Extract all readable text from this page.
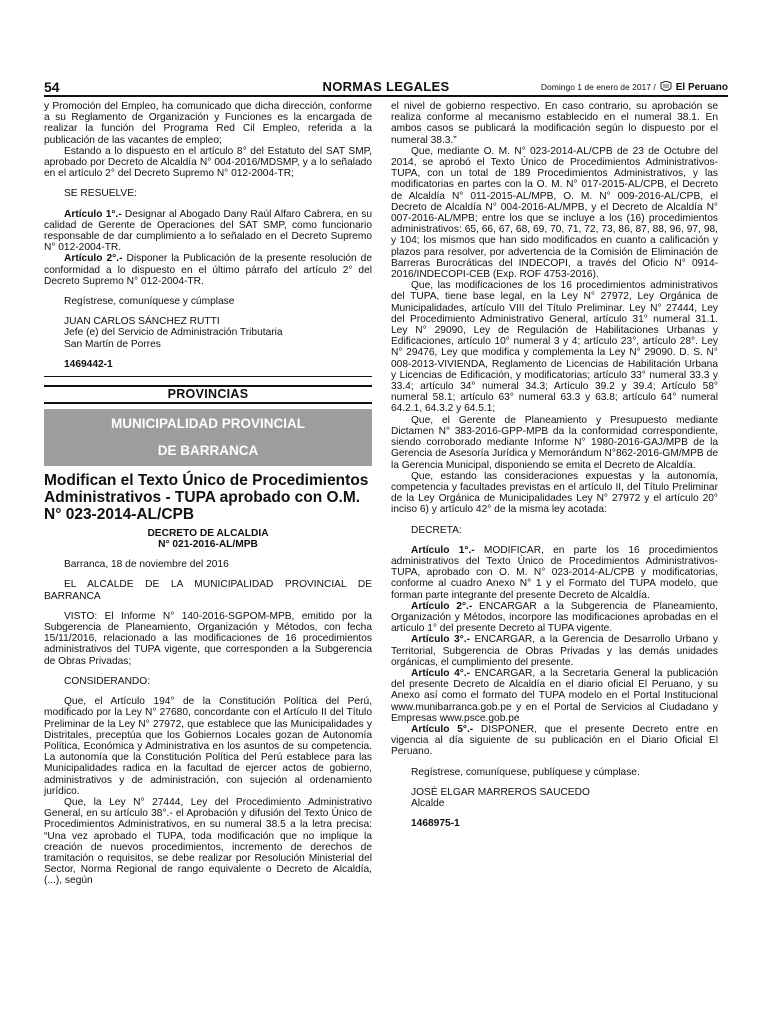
54	NORMAS LEGALES	Domingo 1 de enero de 2017 / El Peruano
y Promoción del Empleo, ha comunicado que dicha dirección, conforme a su Reglamento de Organización y Funciones es la encargada de realizar la función del Programa Red Cil Empleo, referida a la publicación de las vacantes de empleo;
Estando a lo dispuesto en el artículo 8° del Estatuto del SAT SMP, aprobado por Decreto de Alcaldía N° 004-2016/MDSMP, y a lo señalado en el artículo 2° del Decreto Supremo N° 012-2004-TR;
SE RESUELVE:
Artículo 1°.- Designar al Abogado Dany Raúl Alfaro Cabrera, en su calidad de Gerente de Operaciones del SAT SMP, como funcionario responsable de dar cumplimiento a lo señalado en el Decreto Supremo N° 012-2004-TR.
Artículo 2°.- Disponer la Publicación de la presente resolución de conformidad a lo dispuesto en el último párrafo del artículo 2° del Decreto Supremo N° 012-2004-TR.
Regístrese, comuníquese y cúmplase
JUAN CARLOS SÁNCHEZ RUTTI
Jefe (e) del Servicio de Administración Tributaria
San Martín de Porres
1469442-1
PROVINCIAS
MUNICIPALIDAD PROVINCIAL
DE BARRANCA
Modifican el Texto Único de Procedimientos Administrativos - TUPA aprobado con O.M. N° 023-2014-AL/CPB
DECRETO DE ALCALDIA
N° 021-2016-AL/MPB
Barranca, 18 de noviembre del 2016
EL ALCALDE DE LA MUNICIPALIDAD PROVINCIAL DE BARRANCA
VISTO: El Informe N° 140-2016-SGPOM-MPB, emitido por la Subgerencia de Planeamiento, Organización y Métodos, con fecha 15/11/2016, relacionado a las modificaciones de 16 procedimientos administrativos del TUPA vigente, que corresponden a la Subgerencia de Obras Privadas;
CONSIDERANDO:
Que, el Artículo 194° de la Constitución Política del Perú, modificado por la Ley N° 27680, concordante con el Artículo II del Título Preliminar de la Ley N° 27972, que establece que las Municipalidades y Distritales, preceptúa que los Gobiernos Locales gozan de Autonomía Política, Económica y Administrativa en los asuntos de su competencia. La autonomía que la Constitución Política del Perú establece para las Municipalidades radica en la facultad de ejercer actos de gobierno, administrativos y de administración, con sujeción al ordenamiento jurídico.
Que, la Ley N° 27444, Ley del Procedimiento Administrativo General, en su artículo 38°.- el Aprobación y difusión del Texto Único de Procedimientos Administrativos, en su numeral 38.5 a la letra precisa: “Una vez aprobado el TUPA, toda modificación que no implique la creación de nuevos procedimientos, incremento de derechos de tramitación o requisitos, se debe realizar por Resolución Ministerial del Sector, Norma Regional de rango equivalente o Decreto de Alcaldía, (...), según
el nivel de gobierno respectivo. En caso contrario, su aprobación se realiza conforme al mecanismo establecido en el numeral 38.1. En ambos casos se publicará la modificación según lo dispuesto por el numeral 38.3.”
Que, mediante O. M. N° 023-2014-AL/CPB de 23 de Octubre del 2014, se aprobó el Texto Único de Procedimientos Administrativos- TUPA, con un total de 189 Procedimientos Administrativos, y las modificatorias en partes con la O. M. N° 017-2015-AL/CPB, el Decreto de Alcaldía N° 011-2015-AL/MPB, O. M. N° 009-2016-AL/CPB, el Decreto de Alcaldía N° 004-2016-AL/MPB, y el Decreto de Alcaldía N° 007-2016-AL/MPB; entre los que se incluye a los (16) procedimientos administrativos: 65, 66, 67, 68, 69, 70, 71, 72, 73, 86, 87, 88, 96, 97, 98, y 104; los mismos que han sido modificados en cuanto a calificación y plazos para resolver, por advertencia de la Comisión de Eliminación de Barreras Burocráticas del INDECOPI, a través del Oficio N° 0914-2016/INDECOPI-CEB (Exp. ROF 4753-2016).
Que, las modificaciones de los 16 procedimientos administrativos del TUPA, tiene base legal, en la Ley N° 27972, Ley Orgánica de Municipalidades, artículo VIII del Título Preliminar. Ley N° 27444, Ley del Procedimiento Administrativo General, artículo 31° numeral 31.1. Ley N° 29090, Ley de Regulación de Habilitaciones Urbanas y Edificaciones, artículo 10° numeral 3 y 4; artículo 23°, artículo 28°. Ley N° 29476, Ley que modifica y complementa la Ley N° 29090. D. S. N° 008-2013-VIVIENDA, Reglamento de Licencias de Habilitación Urbana y Licencias de Edificación, y modificatorias; artículo 33° numeral 33.3 y 33.4; artículo 34° numeral 34.3; Artículo 39.2 y 39.4; Artículo 58° numeral 58.1; artículo 63° numeral 63.3 y 63.8; artículo 64° numeral 64.2.1, 64.3.2 y 64.5.1;
Que, el Gerente de Planeamiento y Presupuesto mediante Dictamen N° 383-2016-GPP-MPB da la conformidad correspondiente, siendo corroborado mediante Informe N° 1980-2016-GAJ/MPB de la Gerencia de Asesoría Jurídica y Memorándum N°862-2016-GM/MPB de la Gerencia Municipal, disponiendo se emita el Decreto de Alcaldía.
Que, estando las consideraciones expuestas y la autonomía, competencia y facultades previstas en el artículo II, del Título Preliminar de la Ley Orgánica de Municipalidades Ley N° 27972 y el artículo 20° inciso 6) y artículo 42° de la misma ley acotada:
DECRETA:
Artículo 1°.- MODIFICAR, en parte los 16 procedimientos administrativos del Texto Único de Procedimientos Administrativos- TUPA, aprobado con O. M. N° 023-2014-AL/CPB y modificatorias, conforme al cuadro Anexo N° 1 y el Formato del TUPA modelo, que forman parte integrante del presente Decreto de Alcaldía.
Artículo 2°.- ENCARGAR a la Subgerencia de Planeamiento, Organización y Métodos, incorpore las modificaciones aprobadas en el artículo 1° del presente Decreto al TUPA vigente.
Artículo 3°.- ENCARGAR, a la Gerencia de Desarrollo Urbano y Territorial, Subgerencia de Obras Privadas y las demás unidades orgánicas, el cumplimiento del presente.
Artículo 4°.- ENCARGAR, a la Secretaria General la publicación del presente Decreto de Alcaldía en el diario oficial El Peruano, y su Anexo así como el formato del TUPA modelo en el Portal Institucional www.munibarranca.gob.pe y en el Portal de Servicios al Ciudadano y Empresas www.psce.gob.pe
Artículo 5°.- DISPONER, que el presente Decreto entre en vigencia al día siguiente de su publicación en el Diario Oficial El Peruano.
Regístrese, comuníquese, publíquese y cúmplase.
JOSÉ ELGAR MARREROS SAUCEDO
Alcalde
1468975-1
